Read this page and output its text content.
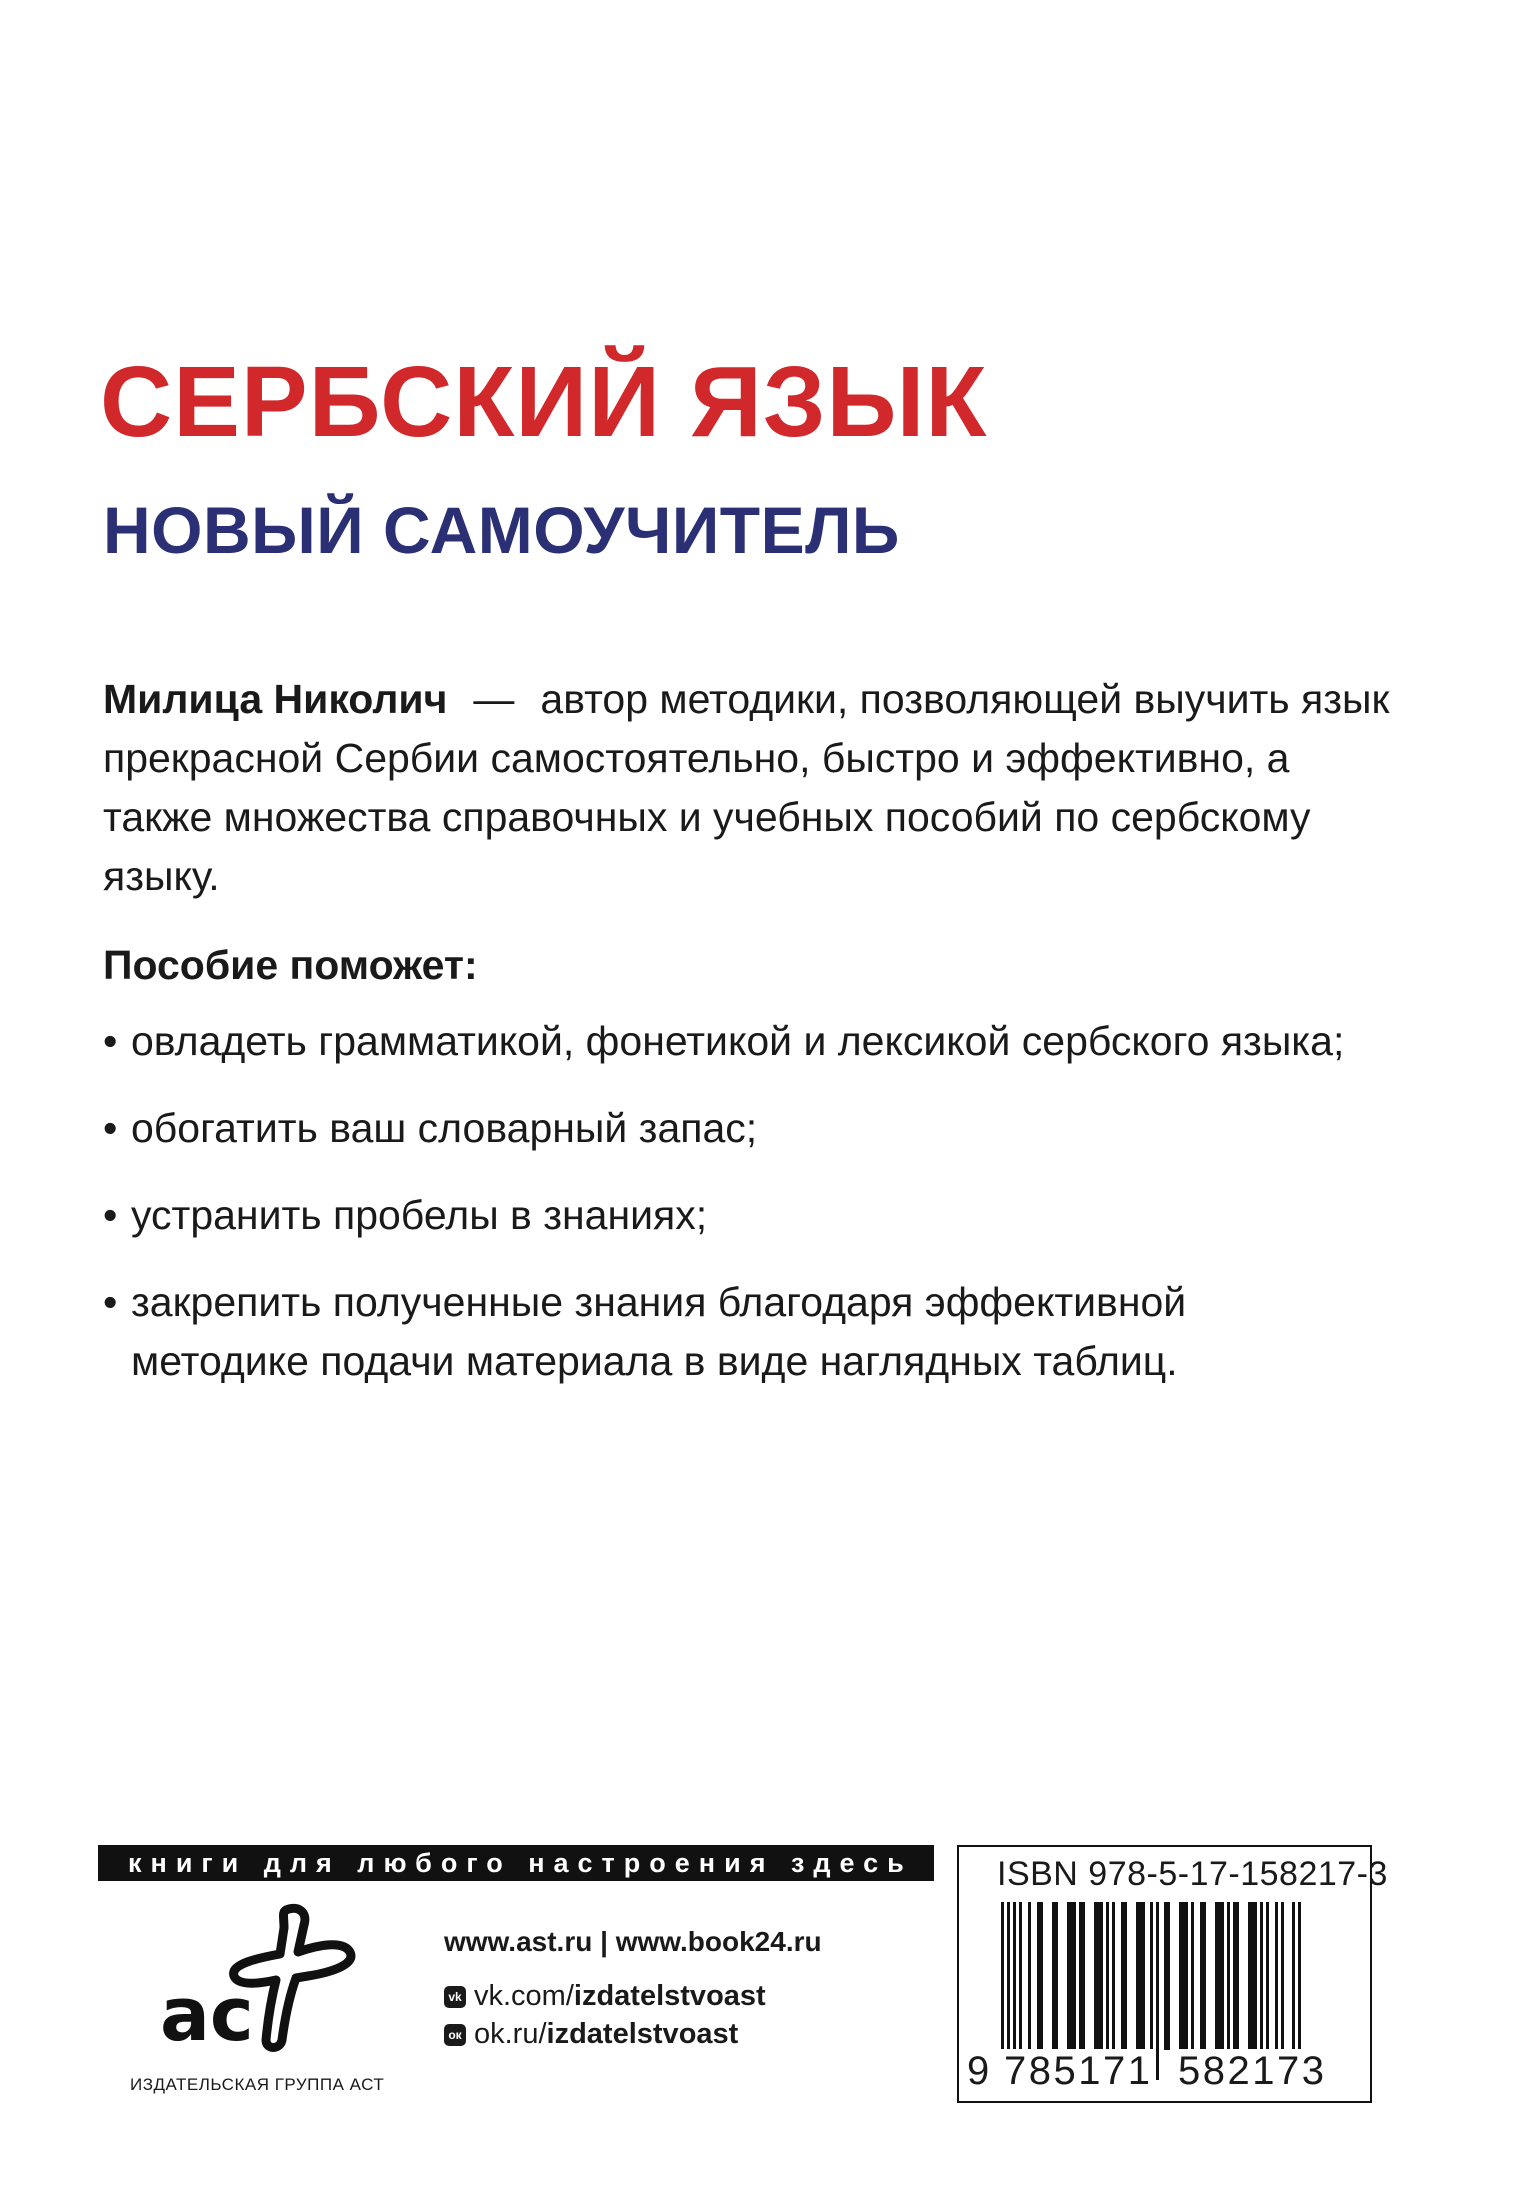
СЕРБСКИЙ ЯЗЫК
НОВЫЙ САМОУЧИТЕЛЬ

Милица Николич — автор методики, позволяющей выучить язык прекрасной Сербии самостоятельно, быстро и эффективно, а также множества справочных и учебных пособий по сербскому языку.

Пособие поможет:

• овладеть грамматикой, фонетикой и лексикой сербского языка;
• обогатить ваш словарный запас;
• устранить пробелы в знаниях;
• закрепить полученные знания благодаря эффективной методике подачи материала в виде наглядных таблиц.
книги для любого настроения здесь
ас
ИЗДАТЕЛЬСКАЯ ГРУППА АСТ
www.ast.ru | www.book24.ru
vk vk.com/ izdatelstvoast
ок ok.ru/ izdatelstvoast
ISBN 978-5-17-158217-3
9 785171 582173
